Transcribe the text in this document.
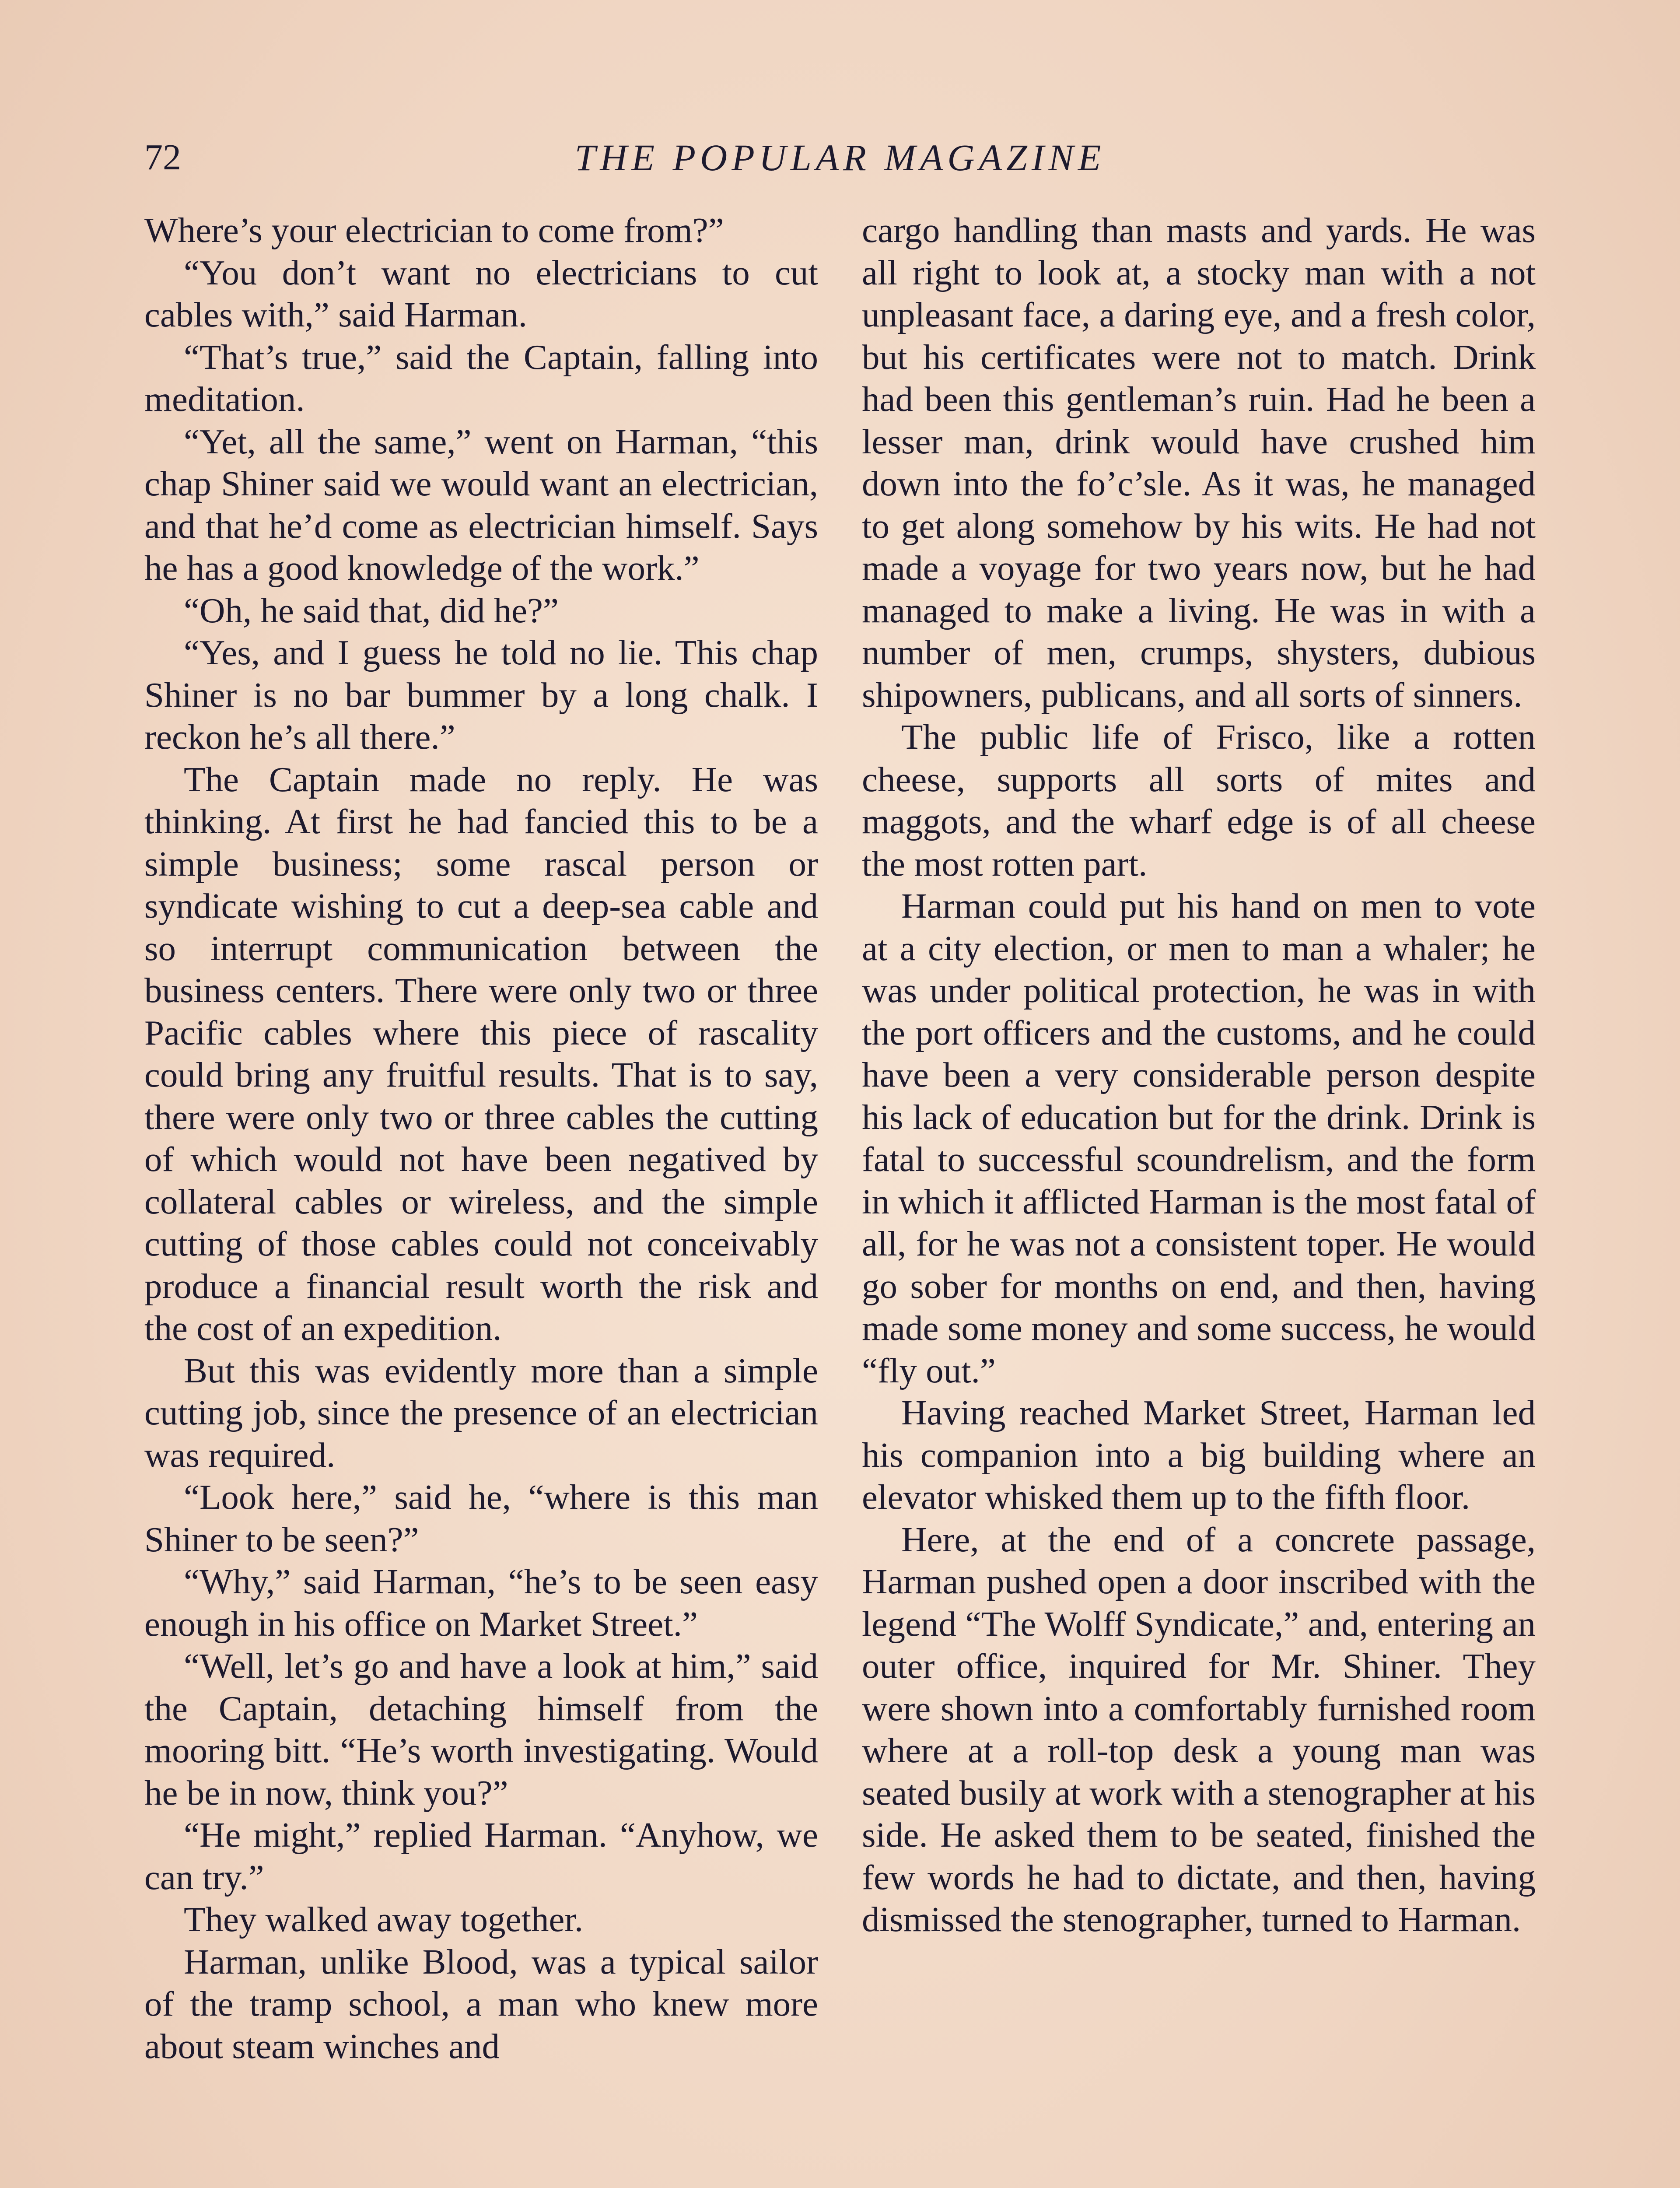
72	THE POPULAR MAGAZINE

Where’s your electrician to come from?”

“You don’t want no electricians to cut cables with,” said Harman.

“That’s true,” said the Captain, falling into meditation.

“Yet, all the same,” went on Harman, “this chap Shiner said we would want an electrician, and that he’d come as electrician himself. Says he has a good knowledge of the work.”

“Oh, he said that, did he?”

“Yes, and I guess he told no lie. This chap Shiner is no bar bummer by a long chalk. I reckon he’s all there.”

The Captain made no reply. He was thinking. At first he had fancied this to be a simple business; some rascal person or syndicate wishing to cut a deep-sea cable and so interrupt communication between the business centers. There were only two or three Pacific cables where this piece of rascality could bring any fruitful results. That is to say, there were only two or three cables the cutting of which would not have been negatived by collateral cables or wireless, and the simple cutting of those cables could not conceivably produce a financial result worth the risk and the cost of an expedition.

But this was evidently more than a simple cutting job, since the presence of an electrician was required.

“Look here,” said he, “where is this man Shiner to be seen?”

“Why,” said Harman, “he’s to be seen easy enough in his office on Market Street.”

“Well, let’s go and have a look at him,” said the Captain, detaching himself from the mooring bitt. “He’s worth investigating. Would he be in now, think you?”

“He might,” replied Harman. “Anyhow, we can try.”

They walked away together.

Harman, unlike Blood, was a typical sailor of the tramp school, a man who knew more about steam winches and

cargo handling than masts and yards. He was all right to look at, a stocky man with a not unpleasant face, a daring eye, and a fresh color, but his certificates were not to match. Drink had been this gentleman’s ruin. Had he been a lesser man, drink would have crushed him down into the fo’c’sle. As it was, he managed to get along somehow by his wits. He had not made a voyage for two years now, but he had managed to make a living. He was in with a number of men, crumps, shysters, dubious shipowners, publicans, and all sorts of sinners.

The public life of Frisco, like a rotten cheese, supports all sorts of mites and maggots, and the wharf edge is of all cheese the most rotten part.

Harman could put his hand on men to vote at a city election, or men to man a whaler; he was under political protection, he was in with the port officers and the customs, and he could have been a very considerable person despite his lack of education but for the drink. Drink is fatal to successful scoundrelism, and the form in which it afflicted Harman is the most fatal of all, for he was not a consistent toper. He would go sober for months on end, and then, having made some money and some success, he would “fly out.”

Having reached Market Street, Harman led his companion into a big building where an elevator whisked them up to the fifth floor.

Here, at the end of a concrete passage, Harman pushed open a door inscribed with the legend “The Wolff Syndicate,” and, entering an outer office, inquired for Mr. Shiner. They were shown into a comfortably furnished room where at a roll-top desk a young man was seated busily at work with a stenographer at his side. He asked them to be seated, finished the few words he had to dictate, and then, having dismissed the stenographer, turned to Harman.
